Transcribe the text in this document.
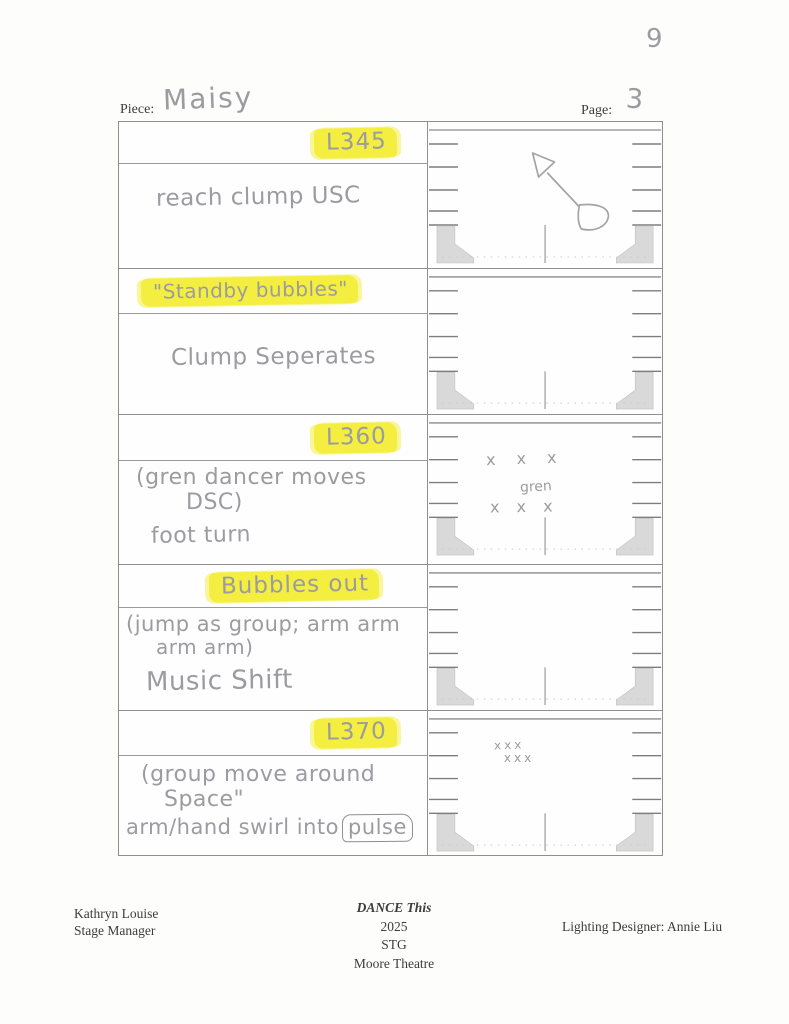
9
Piece: Maisy	Page: 3
L345
reach clump USC
"Standby bubbles"
Clump Seperates
L360
(gren dancer moves
DSC)
foot turn
x x x
gren
x x x
Bubbles out
(jump as group; arm arm
arm arm)
Music Shift
L370
(group move around
Space"
arm/hand swirl into pulse
xxx
xxx
Kathryn Louise
Stage Manager
DANCE This
2025
STG
Moore Theatre
Lighting Designer: Annie Liu
